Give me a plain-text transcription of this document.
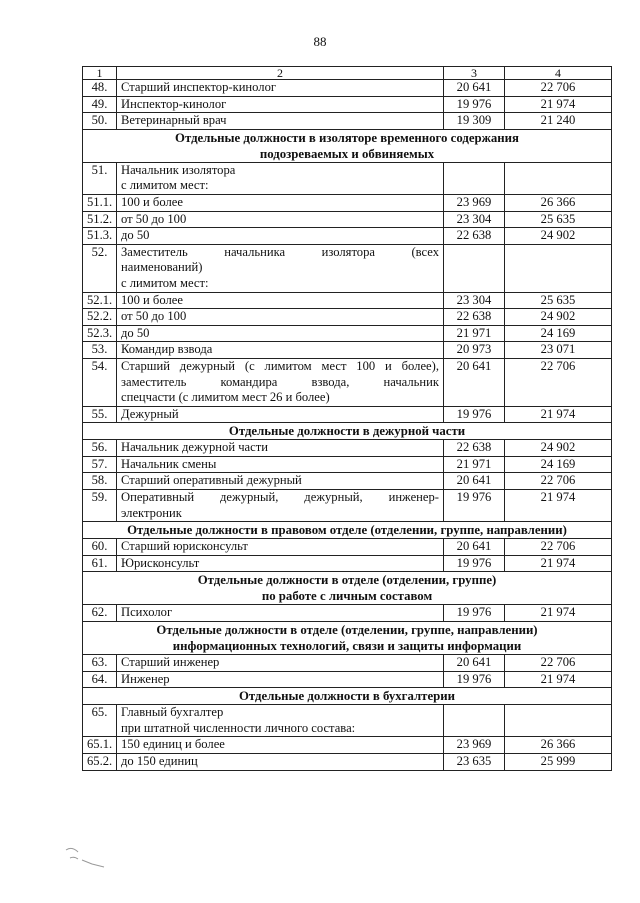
88
1	2	3	4
48.	Старший инспектор-кинолог	20 641	22 706
49.	Инспектор-кинолог	19 976	21 974
50.	Ветеринарный врач	19 309	21 240

Отдельные должности в изоляторе временного содержания
подозреваемых и обвиняемых			

51.	Начальник изолятора
с лимитом мест:		

51.1.	100 и более	23 969	26 366
51.2.	от 50 до 100	23 304	25 635
51.3.	до 50	22 638	24 902
52.	Заместитель начальника изолятора (всех
наименований)
с лимитом мест:		

52.1.	100 и более	23 304	25 635
52.2.	от 50 до 100	22 638	24 902
52.3.	до 50	21 971	24 169
53.	Командир взвода	20 973	23 071
54.	Старший дежурный (с лимитом мест 100 и более),
заместитель командира взвода, начальник
спецчасти (с лимитом мест 26 и более)	20 641	22 706
55.	Дежурный	19 976	21 974

Отдельные должности в дежурной части			

56.	Начальник дежурной части	22 638	24 902
57.	Начальник смены	21 971	24 169
58.	Старший оперативный дежурный	20 641	22 706
59.	Оперативный дежурный, дежурный, инженер-
электроник	19 976	21 974

Отдельные должности в правовом отделе (отделении, группе, направлении)			

60.	Старший юрисконсульт	20 641	22 706
61.	Юрисконсульт	19 976	21 974

Отдельные должности в отделе (отделении, группе)
по работе с личным составом			

62.	Психолог	19 976	21 974

Отдельные должности в отделе (отделении, группе, направлении)
информационных технологий, связи и защиты информации			

63.	Старший инженер	20 641	22 706
64.	Инженер	19 976	21 974

Отдельные должности в бухгалтерии			

65.	Главный бухгалтер
при штатной численности личного состава:		

65.1.	150 единиц и более	23 969	26 366
65.2.	до 150 единиц	23 635	25 999
